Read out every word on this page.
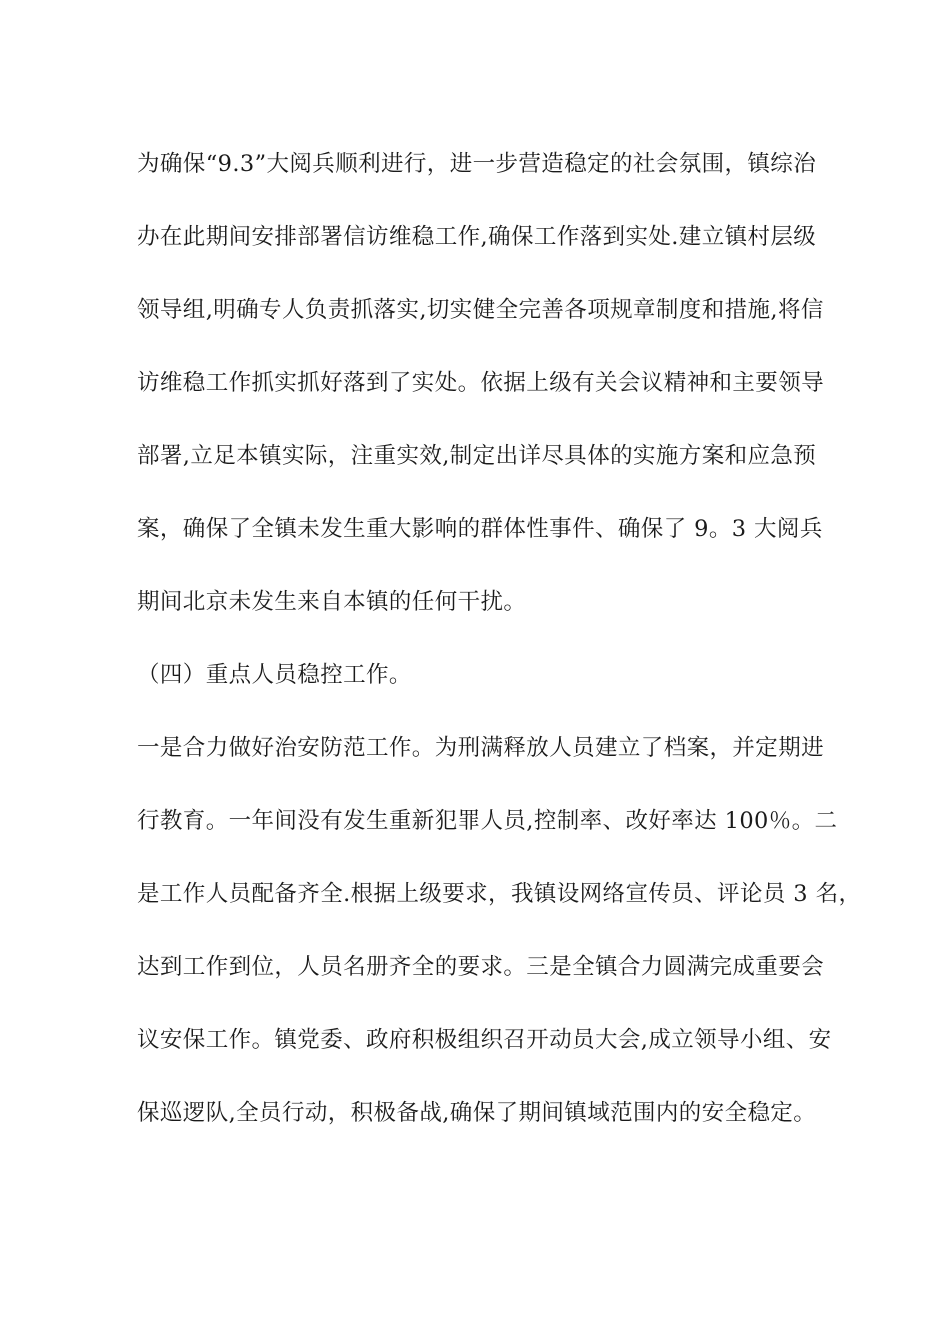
为确保“9.3”大阅兵顺利进行，进一步营造稳定的社会氛围，镇综治
办在此期间安排部署信访维稳工作,确保工作落到实处.建立镇村层级
领导组,明确专人负责抓落实,切实健全完善各项规章制度和措施,将信
访维稳工作抓实抓好落到了实处。依据上级有关会议精神和主要领导
部署,立足本镇实际，注重实效,制定出详尽具体的实施方案和应急预
案，确保了全镇未发生重大影响的群体性事件、确保了 9。3 大阅兵
期间北京未发生来自本镇的任何干扰。
（四）重点人员稳控工作。
一是合力做好治安防范工作。为刑满释放人员建立了档案，并定期进
行教育。一年间没有发生重新犯罪人员,控制率、改好率达 100％。二
是工作人员配备齐全.根据上级要求，我镇设网络宣传员、评论员 3 名，
达到工作到位，人员名册齐全的要求。三是全镇合力圆满完成重要会
议安保工作。镇党委、政府积极组织召开动员大会,成立领导小组、安
保巡逻队,全员行动，积极备战,确保了期间镇域范围内的安全稳定。
